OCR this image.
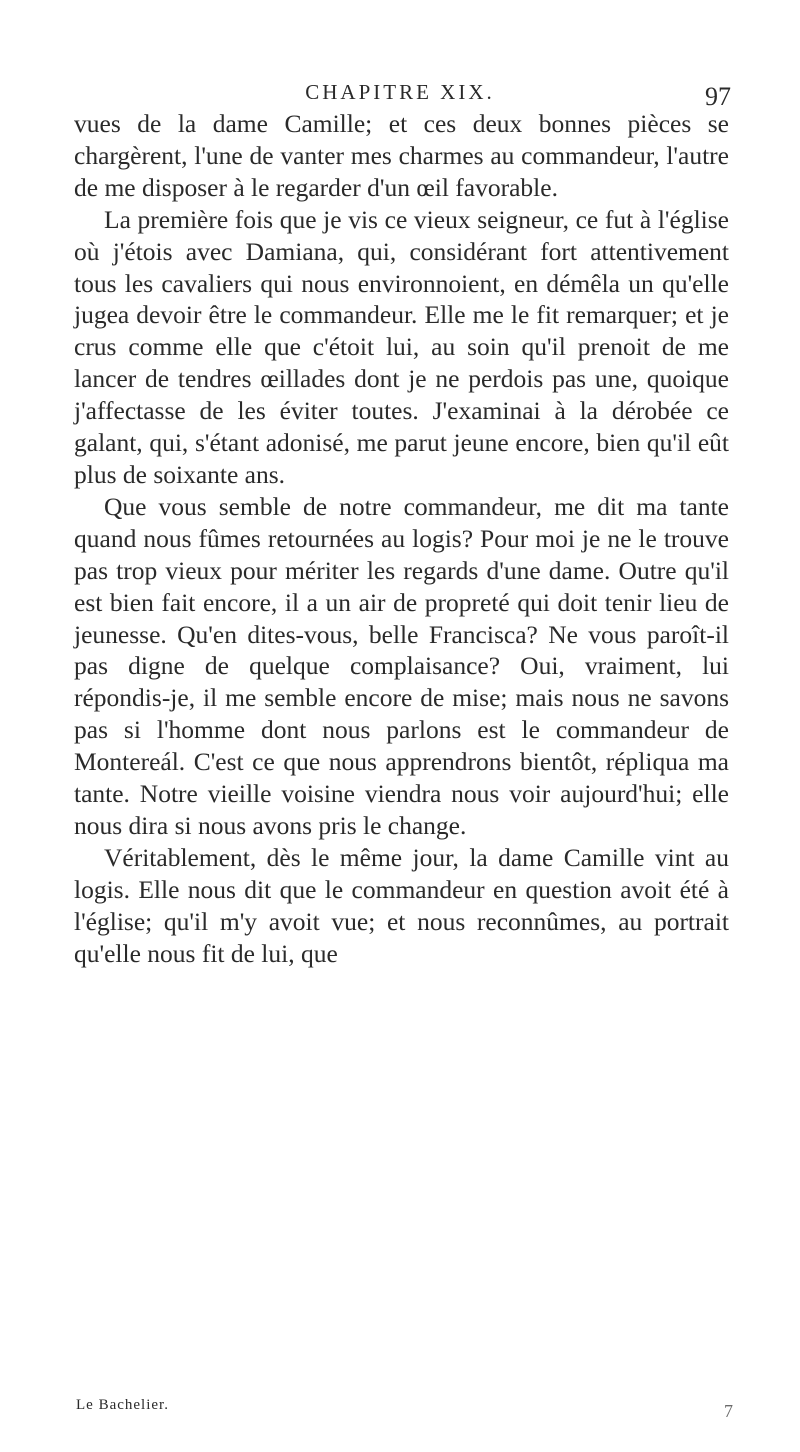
CHAPITRE XIX.	97

vues de la dame Camille; et ces deux bonnes pièces se chargèrent, l'une de vanter mes charmes au commandeur, l'autre de me disposer à le regarder d'un œil favorable.

La première fois que je vis ce vieux seigneur, ce fut à l'église où j'étois avec Damiana, qui, considérant fort attentivement tous les cavaliers qui nous environnoient, en démêla un qu'elle jugea devoir être le commandeur. Elle me le fit remarquer; et je crus comme elle que c'étoit lui, au soin qu'il prenoit de me lancer de tendres œillades dont je ne perdois pas une, quoique j'affectasse de les éviter toutes. J'examinai à la dérobée ce galant, qui, s'étant adonisé, me parut jeune encore, bien qu'il eût plus de soixante ans.

Que vous semble de notre commandeur, me dit ma tante quand nous fûmes retournées au logis? Pour moi je ne le trouve pas trop vieux pour mériter les regards d'une dame. Outre qu'il est bien fait encore, il a un air de propreté qui doit tenir lieu de jeunesse. Qu'en dites-vous, belle Francisca? Ne vous paroît-il pas digne de quelque complaisance? Oui, vraiment, lui répondis-je, il me semble encore de mise; mais nous ne savons pas si l'homme dont nous parlons est le commandeur de Montereál. C'est ce que nous apprendrons bientôt, répliqua ma tante. Notre vieille voisine viendra nous voir aujourd'hui; elle nous dira si nous avons pris le change.

Véritablement, dès le même jour, la dame Camille vint au logis. Elle nous dit que le commandeur en question avoit été à l'église; qu'il m'y avoit vue; et nous reconnûmes, au portrait qu'elle nous fit de lui, que

Le Bachelier.	7
